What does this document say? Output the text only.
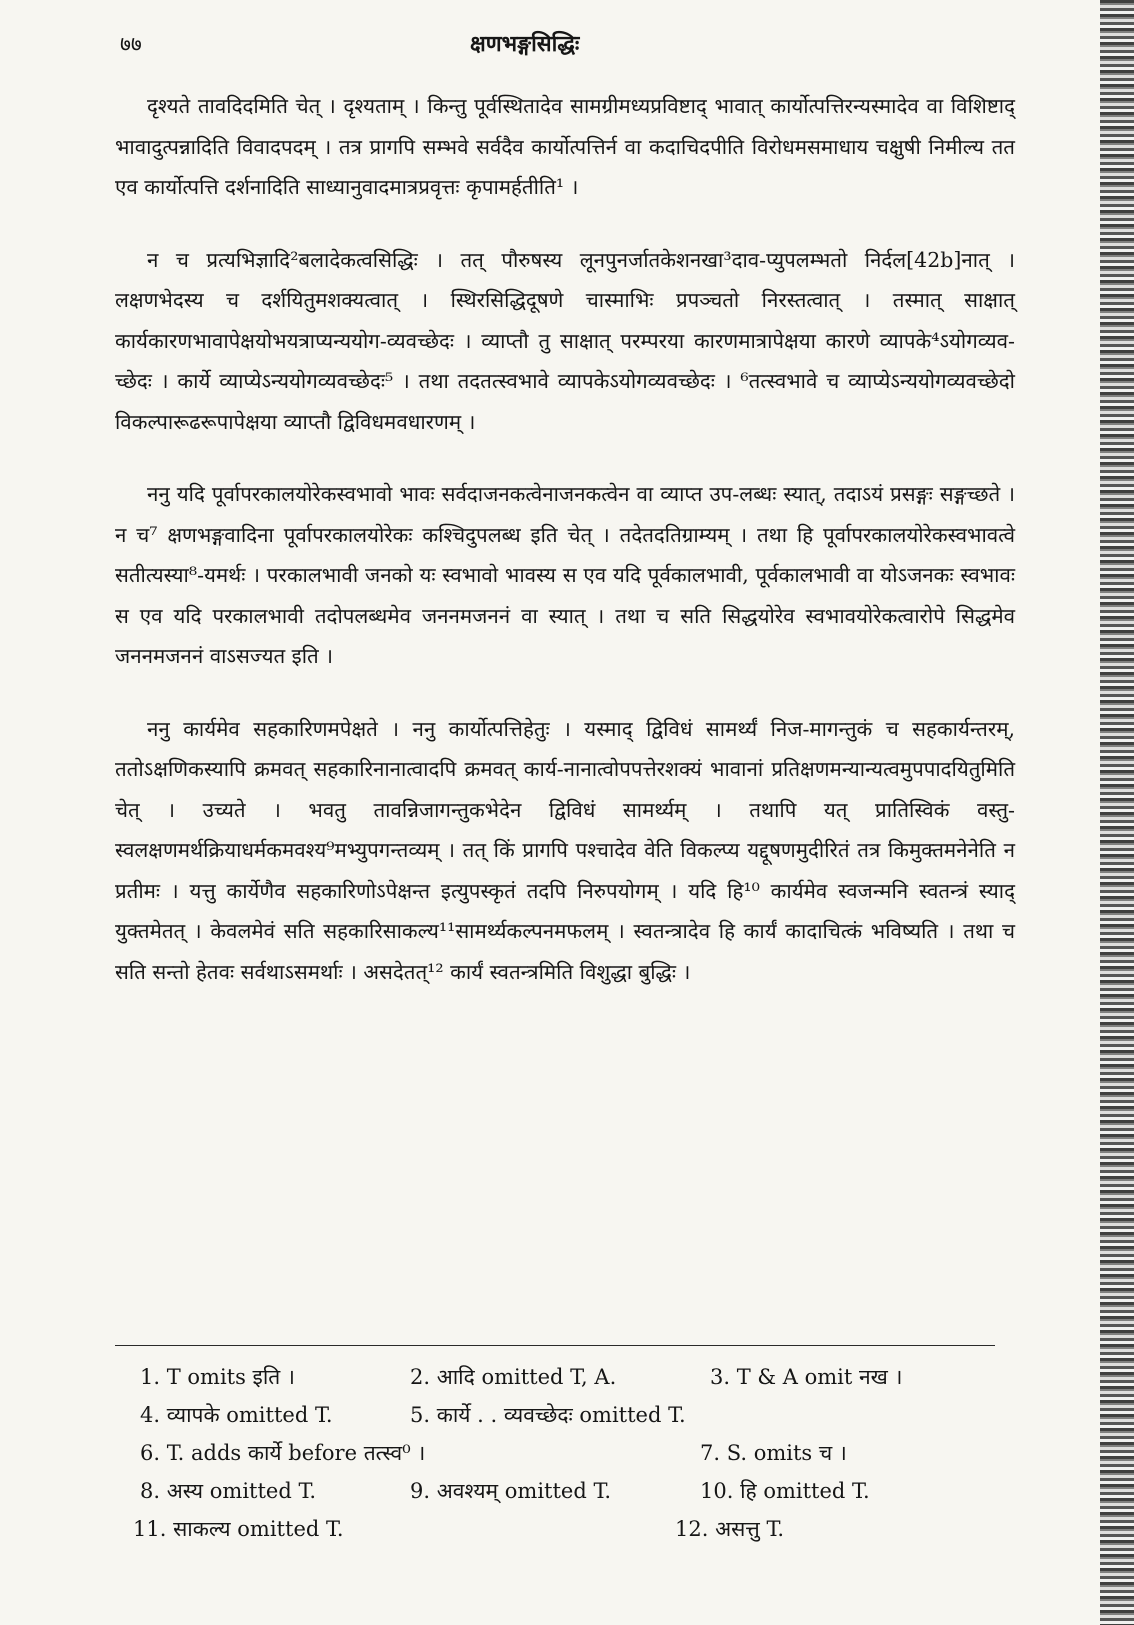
७७	क्षणभङ्गसिद्धिः

दृश्यते तावदिदमिति चेत् । दृश्यताम् । किन्तु पूर्वस्थितादेव सामग्रीमध्यप्रविष्टाद् भावात् कार्योत्पत्तिरन्यस्मादेव वा विशिष्टाद् भावादुत्पन्नादिति विवादपदम् । तत्र प्रागपि सम्भवे सर्वदैव कार्योत्पत्तिर्न वा कदाचिदपीति विरोधमसमाधाय चक्षुषी निमील्य तत एव कार्योत्पत्ति दर्शनादिति साध्यानुवादमात्रप्रवृत्तः कृपामर्हतीति¹ ।

न च प्रत्यभिज्ञादि²बलादेकत्वसिद्धिः । तत् पौरुषस्य लूनपुनर्जातकेशनखा³दाव-प्युपलम्भतो निर्दल[42b]नात् । लक्षणभेदस्य च दर्शयितुमशक्यत्वात् । स्थिरसिद्धिदूषणे चास्माभिः प्रपञ्चतो निरस्तत्वात् । तस्मात् साक्षात् कार्यकारणभावापेक्षयोभयत्राप्यन्ययोग-व्यवच्छेदः । व्याप्तौ तु साक्षात् परम्परया कारणमात्रापेक्षया कारणे व्यापके⁴ऽयोगव्यव-च्छेदः । कार्ये व्याप्येऽन्ययोगव्यवच्छेदः⁵ । तथा तदतत्स्वभावे व्यापकेऽयोगव्यवच्छेदः । ⁶तत्स्वभावे च व्याप्येऽन्ययोगव्यवच्छेदो विकल्पारूढरूपापेक्षया व्याप्तौ द्विविधमवधारणम् ।

ननु यदि पूर्वापरकालयोरेकस्वभावो भावः सर्वदाजनकत्वेनाजनकत्वेन वा व्याप्त उप-लब्धः स्यात्, तदाऽयं प्रसङ्गः सङ्गच्छते । न च⁷ क्षणभङ्गवादिना पूर्वापरकालयोरेकः कश्चिदुपलब्ध इति चेत् । तदेतदतिग्राम्यम् । तथा हि पूर्वापरकालयोरेकस्वभावत्वे सतीत्यस्या⁸-यमर्थः । परकालभावी जनको यः स्वभावो भावस्य स एव यदि पूर्वकालभावी, पूर्वकालभावी वा योऽजनकः स्वभावः स एव यदि परकालभावी तदोपलब्धमेव जननमजननं वा स्यात् । तथा च सति सिद्धयोरेव स्वभावयोरेकत्वारोपे सिद्धमेव जननमजननं वाऽसज्यत इति ।

ननु कार्यमेव सहकारिणमपेक्षते । ननु कार्योत्पत्तिहेतुः । यस्माद् द्विविधं सामर्थ्यं निज-मागन्तुकं च सहकार्यन्तरम्, ततोऽक्षणिकस्यापि क्रमवत् सहकारिनानात्वादपि क्रमवत् कार्य-नानात्वोपपत्तेरशक्यं भावानां प्रतिक्षणमन्यान्यत्वमुपपादयितुमिति चेत् । उच्यते । भवतु तावन्निजागन्तुकभेदेन द्विविधं सामर्थ्यम् । तथापि यत् प्रातिस्विकं वस्तु-स्वलक्षणमर्थक्रियाधर्मकमवश्य⁹मभ्युपगन्तव्यम् । तत् किं प्रागपि पश्चादेव वेति विकल्प्य यद्दूषणमुदीरितं तत्र किमुक्तमनेनेति न प्रतीमः । यत्तु कार्येणैव सहकारिणोऽपेक्षन्त इत्युपस्कृतं तदपि निरुपयोगम् । यदि हि¹⁰ कार्यमेव स्वजन्मनि स्वतन्त्रं स्याद् युक्तमेतत् । केवलमेवं सति सहकारिसाकल्य¹¹सामर्थ्यकल्पनमफलम् । स्वतन्त्रादेव हि कार्यं कादाचित्कं भविष्यति । तथा च सति सन्तो हेतवः सर्वथाऽसमर्थाः । असदेतत्¹² कार्यं स्वतन्त्रमिति विशुद्धा बुद्धिः ।

1. T omits इति ।	2. आदि omitted T, A.	3. T & A omit नख ।
4. व्यापके omitted T.	5. कार्ये . . व्यवच्छेदः omitted T.
6. T. adds कार्ये before तत्स्व⁰ ।	7. S. omits च ।
8. अस्य omitted T.	9. अवश्यम् omitted T.	10. हि omitted T.
11. साकल्य omitted T.	12. असत्तु T.
